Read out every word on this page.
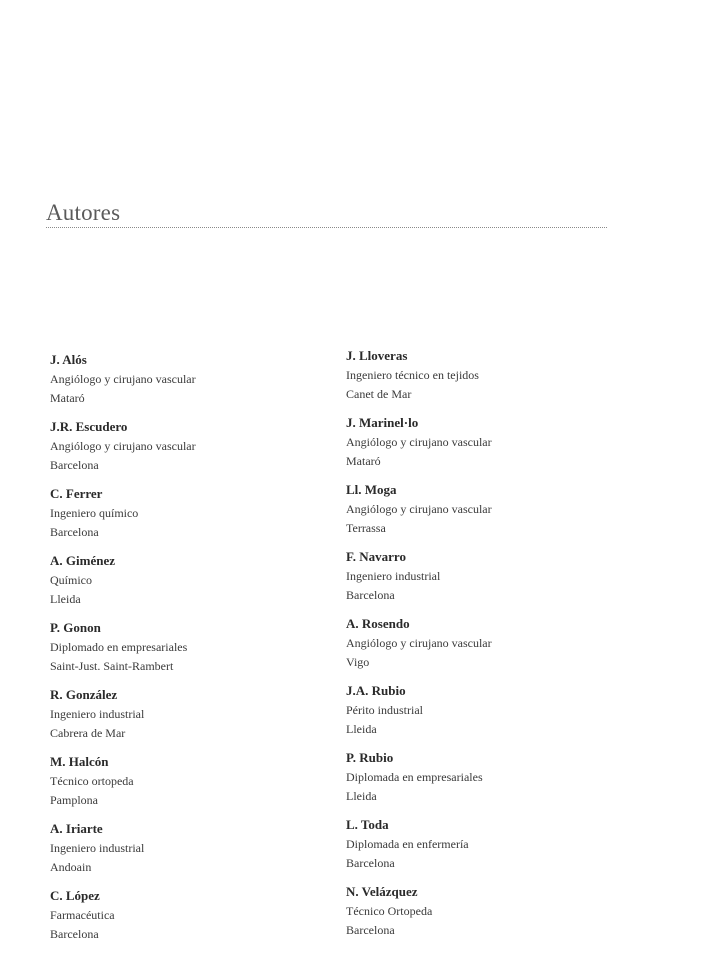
Autores
J. Alós
Angiólogo y cirujano vascular
Mataró
J.R. Escudero
Angiólogo y cirujano vascular
Barcelona
C. Ferrer
Ingeniero químico
Barcelona
A. Giménez
Químico
Lleida
P. Gonon
Diplomado en empresariales
Saint-Just. Saint-Rambert
R. González
Ingeniero industrial
Cabrera de Mar
M. Halcón
Técnico ortopeda
Pamplona
A. Iriarte
Ingeniero industrial
Andoain
C. López
Farmacéutica
Barcelona
J. Lloveras
Ingeniero técnico en tejidos
Canet de Mar
J. Marinel·lo
Angiólogo y cirujano vascular
Mataró
Ll. Moga
Angiólogo y cirujano vascular
Terrassa
F. Navarro
Ingeniero industrial
Barcelona
A. Rosendo
Angiólogo y cirujano vascular
Vigo
J.A. Rubio
Périto industrial
Lleida
P. Rubio
Diplomada en empresariales
Lleida
L. Toda
Diplomada en enfermería
Barcelona
N. Velázquez
Técnico Ortopeda
Barcelona
